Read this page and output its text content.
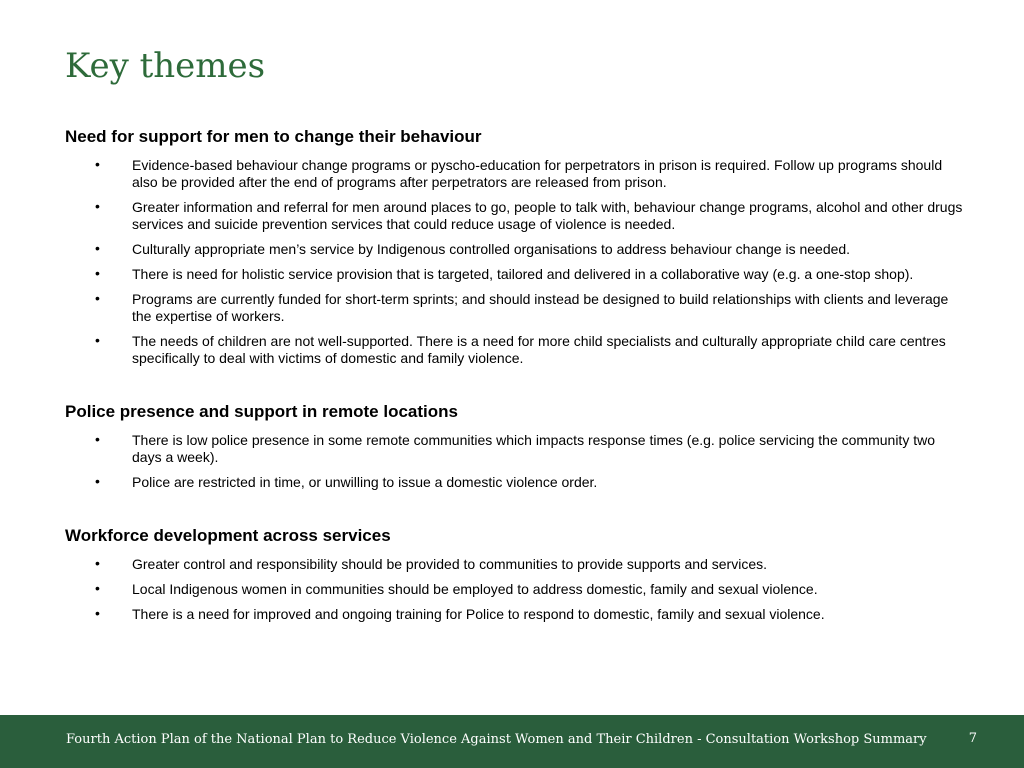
Key themes
Need for support for men to change their behaviour
• Evidence-based behaviour change programs or pyscho-education for perpetrators in prison is required. Follow up programs should also be provided after the end of programs after perpetrators are released from prison.
• Greater information and referral for men around places to go, people to talk with, behaviour change programs, alcohol and other drugs services and suicide prevention services that could reduce usage of violence is needed.
• Culturally appropriate men’s service by Indigenous controlled organisations to address behaviour change is needed.
• There is need for holistic service provision that is targeted, tailored and delivered in a collaborative way (e.g. a one-stop shop).
• Programs are currently funded for short-term sprints; and should instead be designed to build relationships with clients and leverage the expertise of workers.
• The needs of children are not well-supported. There is a need for more child specialists and culturally appropriate child care centres specifically to deal with victims of domestic and family violence.
Police presence and support in remote locations
• There is low police presence in some remote communities which impacts response times (e.g. police servicing the community two days a week).
• Police are restricted in time, or unwilling to issue a domestic violence order.
Workforce development across services
• Greater control and responsibility should be provided to communities to provide supports and services.
• Local Indigenous women in communities should be employed to address domestic, family and sexual violence.
• There is a need for improved and ongoing training for Police to respond to domestic, family and sexual violence.
Fourth Action Plan of the National Plan to Reduce Violence Against Women and Their Children - Consultation Workshop Summary	7
